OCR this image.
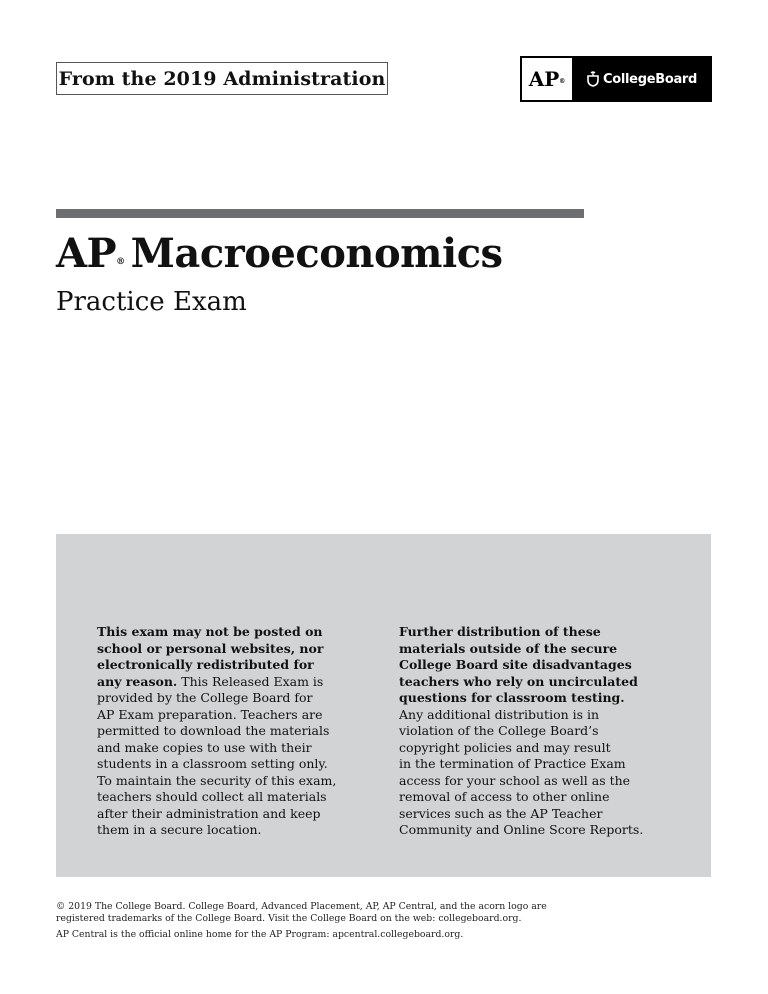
From the 2019 Administration	AP®	CollegeBoard
AP® Macroeconomics
Practice Exam
This exam may not be posted on
school or personal websites, nor
electronically redistributed for
any reason. This Released Exam is
provided by the College Board for
AP Exam preparation. Teachers are
permitted to download the materials
and make copies to use with their
students in a classroom setting only.
To maintain the security of this exam,
teachers should collect all materials
after their administration and keep
them in a secure location.
Further distribution of these
materials outside of the secure
College Board site disadvantages
teachers who rely on uncirculated
questions for classroom testing.
Any additional distribution is in
violation of the College Board’s
copyright policies and may result
in the termination of Practice Exam
access for your school as well as the
removal of access to other online
services such as the AP Teacher
Community and Online Score Reports.
© 2019 The College Board. College Board, Advanced Placement, AP, AP Central, and the acorn logo are
registered trademarks of the College Board. Visit the College Board on the web: collegeboard.org.
AP Central is the official online home for the AP Program: apcentral.collegeboard.org.
